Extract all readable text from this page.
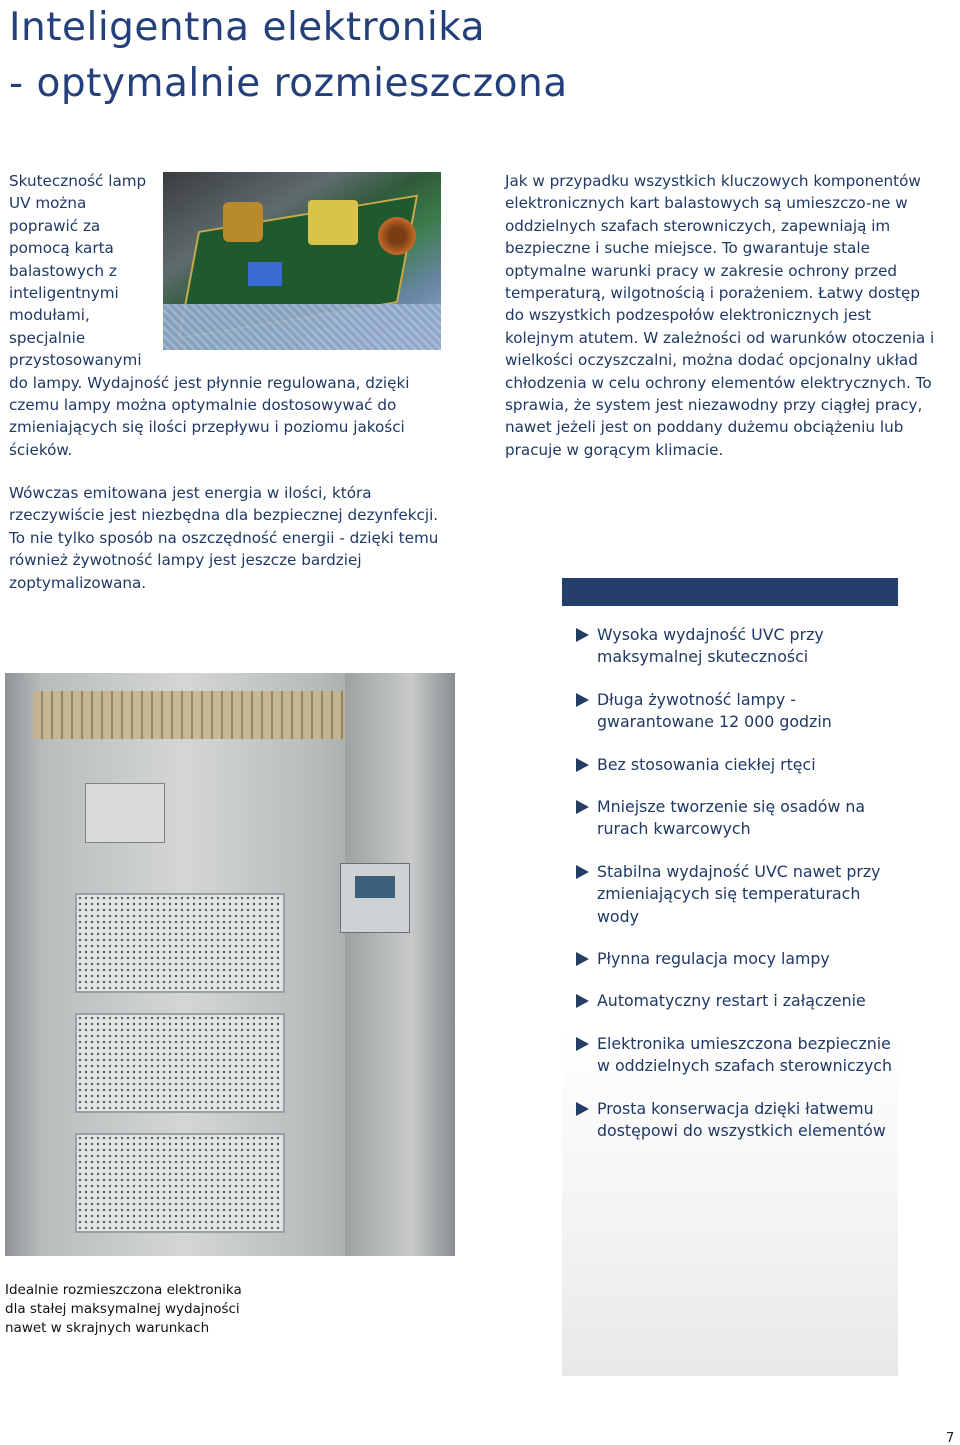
Inteligentna elektronika
- optymalnie rozmieszczona

Skuteczność lamp UV można poprawić za pomocą karta balastowych z inteligentnymi modułami, specjalnie przystosowanymi do lampy. Wydajność jest płynnie regulowana, dzięki czemu lampy można optymalnie dostosowywać do zmieniających się ilości przepływu i poziomu jakości ścieków.

Wówczas emitowana jest energia w ilości, która rzeczywiście jest niezbędna dla bezpiecznej dezynfekcji. To nie tylko sposób na oszczędność energii - dzięki temu również żywotność lampy jest jeszcze bardziej zoptymalizowana.

Jak w przypadku wszystkich kluczowych komponentów elektronicznych kart balastowych są umieszczo-ne w oddzielnych szafach sterowniczych, zapewniają im bezpieczne i suche miejsce. To gwarantuje stale optymalne warunki pracy w zakresie ochrony przed temperaturą, wilgotnością i porażeniem. Łatwy dostęp do wszystkich podzespołów elektronicznych jest kolejnym atutem. W zależności od warunków otoczenia i wielkości oczyszczalni, można dodać opcjonalny układ chłodzenia w celu ochrony elementów elektrycznych. To sprawia, że system jest niezawodny przy ciągłej pracy, nawet jeżeli jest on poddany dużemu obciążeniu lub pracuje w gorącym klimacie.

Wysoka wydajność UVC przy maksymalnej skuteczności
Długa żywotność lampy - gwarantowane 12 000 godzin
Bez stosowania ciekłej rtęci
Mniejsze tworzenie się osadów na rurach kwarcowych
Stabilna wydajność UVC nawet przy zmieniających się temperaturach wody
Płynna regulacja mocy lampy
Automatyczny restart i załączenie
Elektronika umieszczona bezpiecznie w oddzielnych szafach sterowniczych
Prosta konserwacja dzięki łatwemu dostępowi do wszystkich elementów

Idealnie rozmieszczona elektronika dla stałej maksymalnej wydajności nawet w skrajnych warunkach

7
